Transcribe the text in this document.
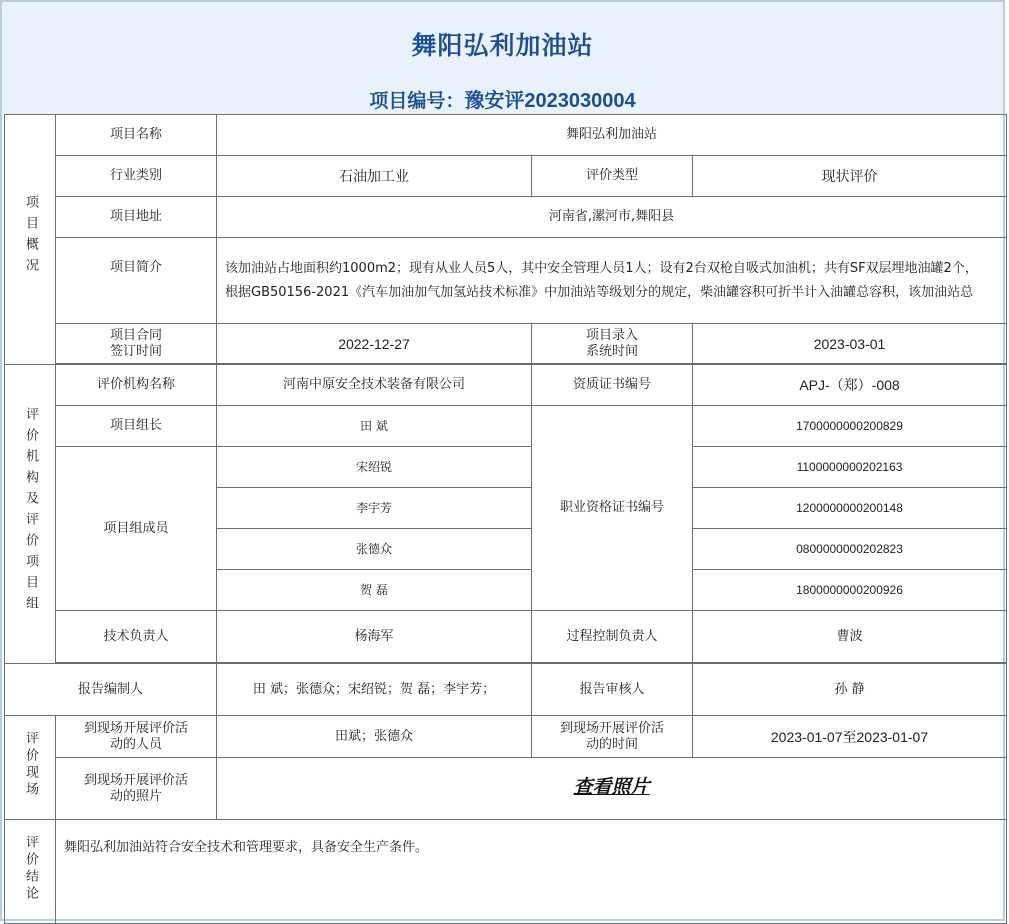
舞阳弘利加油站
项目编号：豫安评2023030004
项目概况	项目名称	舞阳弘利加油站		
	行业类别	石油加工业	评价类型	现状评价
	项目地址	河南省,漯河市,舞阳县		
	项目简介	该加油站占地面积约1000m2；现有从业人员5人，其中安全管理人员1人；设有2台双枪自吸式加油机；共有SF双层埋地油罐2个，
根据GB50156-2021《汽车加油加气加氢站技术标准》中加油站等级划分的规定，柴油罐容积可折半计入油罐总容积，该加油站总		

	项目合同签订时间	2022-12-27	项目录入系统时间	2023-03-01

评价机构及评价项目组	评价机构名称	河南中原安全技术装备有限公司	资质证书编号	APJ-（郑）-008
	项目组长	田 斌	职业资格证书编号	1700000000200829
	项目组成员	宋绍锐		1100000000202163
		李宇芳		1200000000200148
		张德众		0800000000202823
		贺 磊		1800000000200926
	技术负责人	杨海军	过程控制负责人	曹波

报告编制人		田 斌；张德众；宋绍锐；贺 磊；李宇芳；	报告审核人	孙 静
评价现场	到现场开展评价活动的人员	田斌；张德众	到现场开展评价活动的时间	2023-01-07至2023-01-07

	到现场开展评价活动的照片	查看照片		
评价结论	舞阳弘利加油站符合安全技术和管理要求，具备安全生产条件。			
